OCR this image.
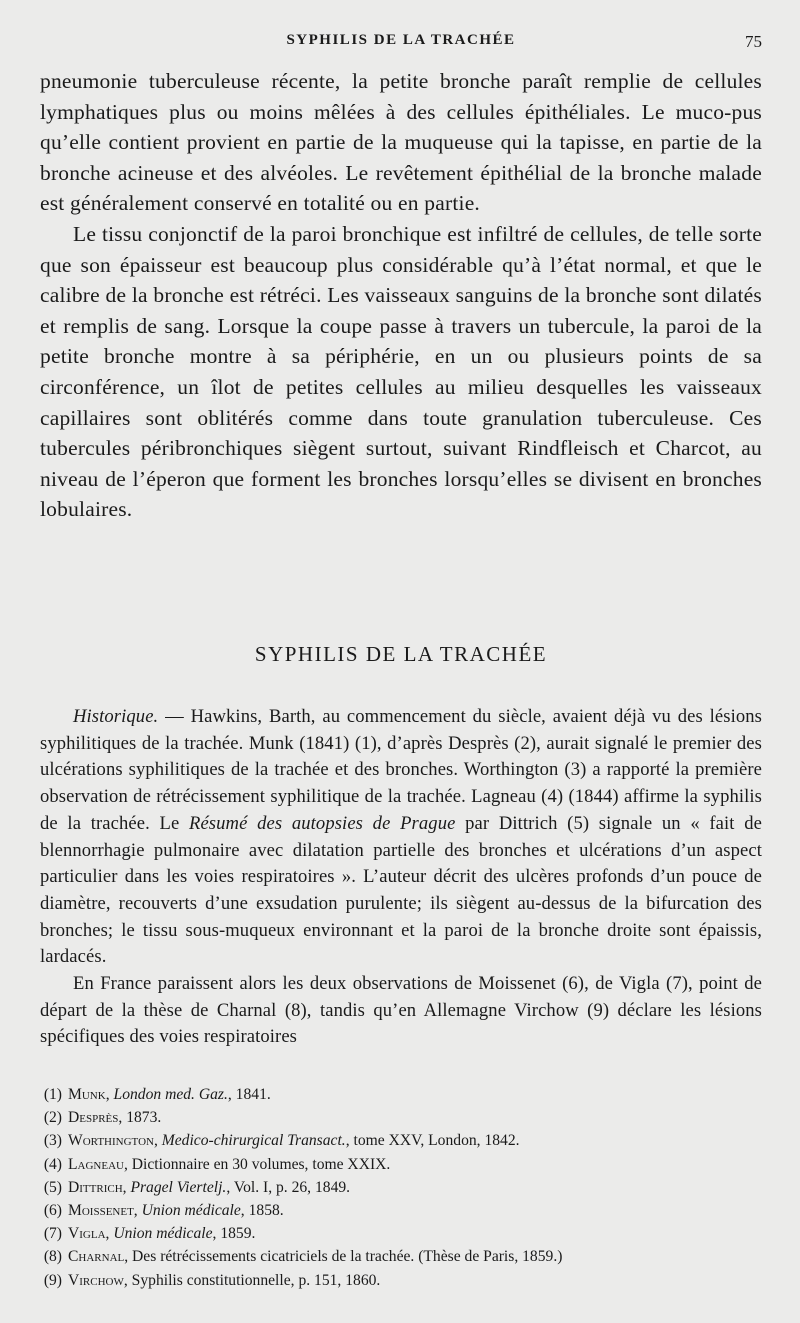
SYPHILIS DE LA TRACHÉE	75

pneumonie tuberculeuse récente, la petite bronche paraît remplie de cellules lymphatiques plus ou moins mêlées à des cellules épithéliales. Le muco-pus qu’elle contient provient en partie de la muqueuse qui la tapisse, en partie de la bronche acineuse et des alvéoles. Le revêtement épithélial de la bronche malade est généralement conservé en totalité ou en partie.

Le tissu conjonctif de la paroi bronchique est infiltré de cellules, de telle sorte que son épaisseur est beaucoup plus considérable qu’à l’état normal, et que le calibre de la bronche est rétréci. Les vaisseaux sanguins de la bronche sont dilatés et remplis de sang. Lorsque la coupe passe à travers un tubercule, la paroi de la petite bronche montre à sa périphérie, en un ou plusieurs points de sa circonférence, un îlot de petites cellules au milieu desquelles les vaisseaux capillaires sont oblitérés comme dans toute granulation tuberculeuse. Ces tubercules péribronchiques siègent surtout, suivant Rindfleisch et Charcot, au niveau de l’éperon que forment les bronches lorsqu’elles se divisent en bronches lobulaires.

SYPHILIS DE LA TRACHÉE

Historique. — Hawkins, Barth, au commencement du siècle, avaient déjà vu des lésions syphilitiques de la trachée. Munk (1841) (1), d’après Desprès (2), aurait signalé le premier des ulcérations syphilitiques de la trachée et des bronches. Worthington (3) a rapporté la première observation de rétrécissement syphilitique de la trachée. Lagneau (4) (1844) affirme la syphilis de la trachée. Le Résumé des autopsies de Prague par Dittrich (5) signale un « fait de blennorrhagie pulmonaire avec dilatation partielle des bronches et ulcérations d’un aspect particulier dans les voies respiratoires ». L’auteur décrit des ulcères profonds d’un pouce de diamètre, recouverts d’une exsudation purulente; ils siègent au-dessus de la bifurcation des bronches; le tissu sous-muqueux environnant et la paroi de la bronche droite sont épaissis, lardacés.

En France paraissent alors les deux observations de Moissenet (6), de Vigla (7), point de départ de la thèse de Charnal (8), tandis qu’en Allemagne Virchow (9) déclare les lésions spécifiques des voies respiratoires

(1) Munk, London med. Gaz., 1841.

(2) Desprès, 1873.

(3) Worthington, Medico-chirurgical Transact., tome XXV, London, 1842.

(4) Lagneau, Dictionnaire en 30 volumes, tome XXIX.

(5) Dittrich, Pragel Viertelj., Vol. I, p. 26, 1849.

(6) Moissenet, Union médicale, 1858.

(7) Vigla, Union médicale, 1859.

(8) Charnal, Des rétrécissements cicatriciels de la trachée. (Thèse de Paris, 1859.)

(9) Virchow, Syphilis constitutionnelle, p. 151, 1860.
